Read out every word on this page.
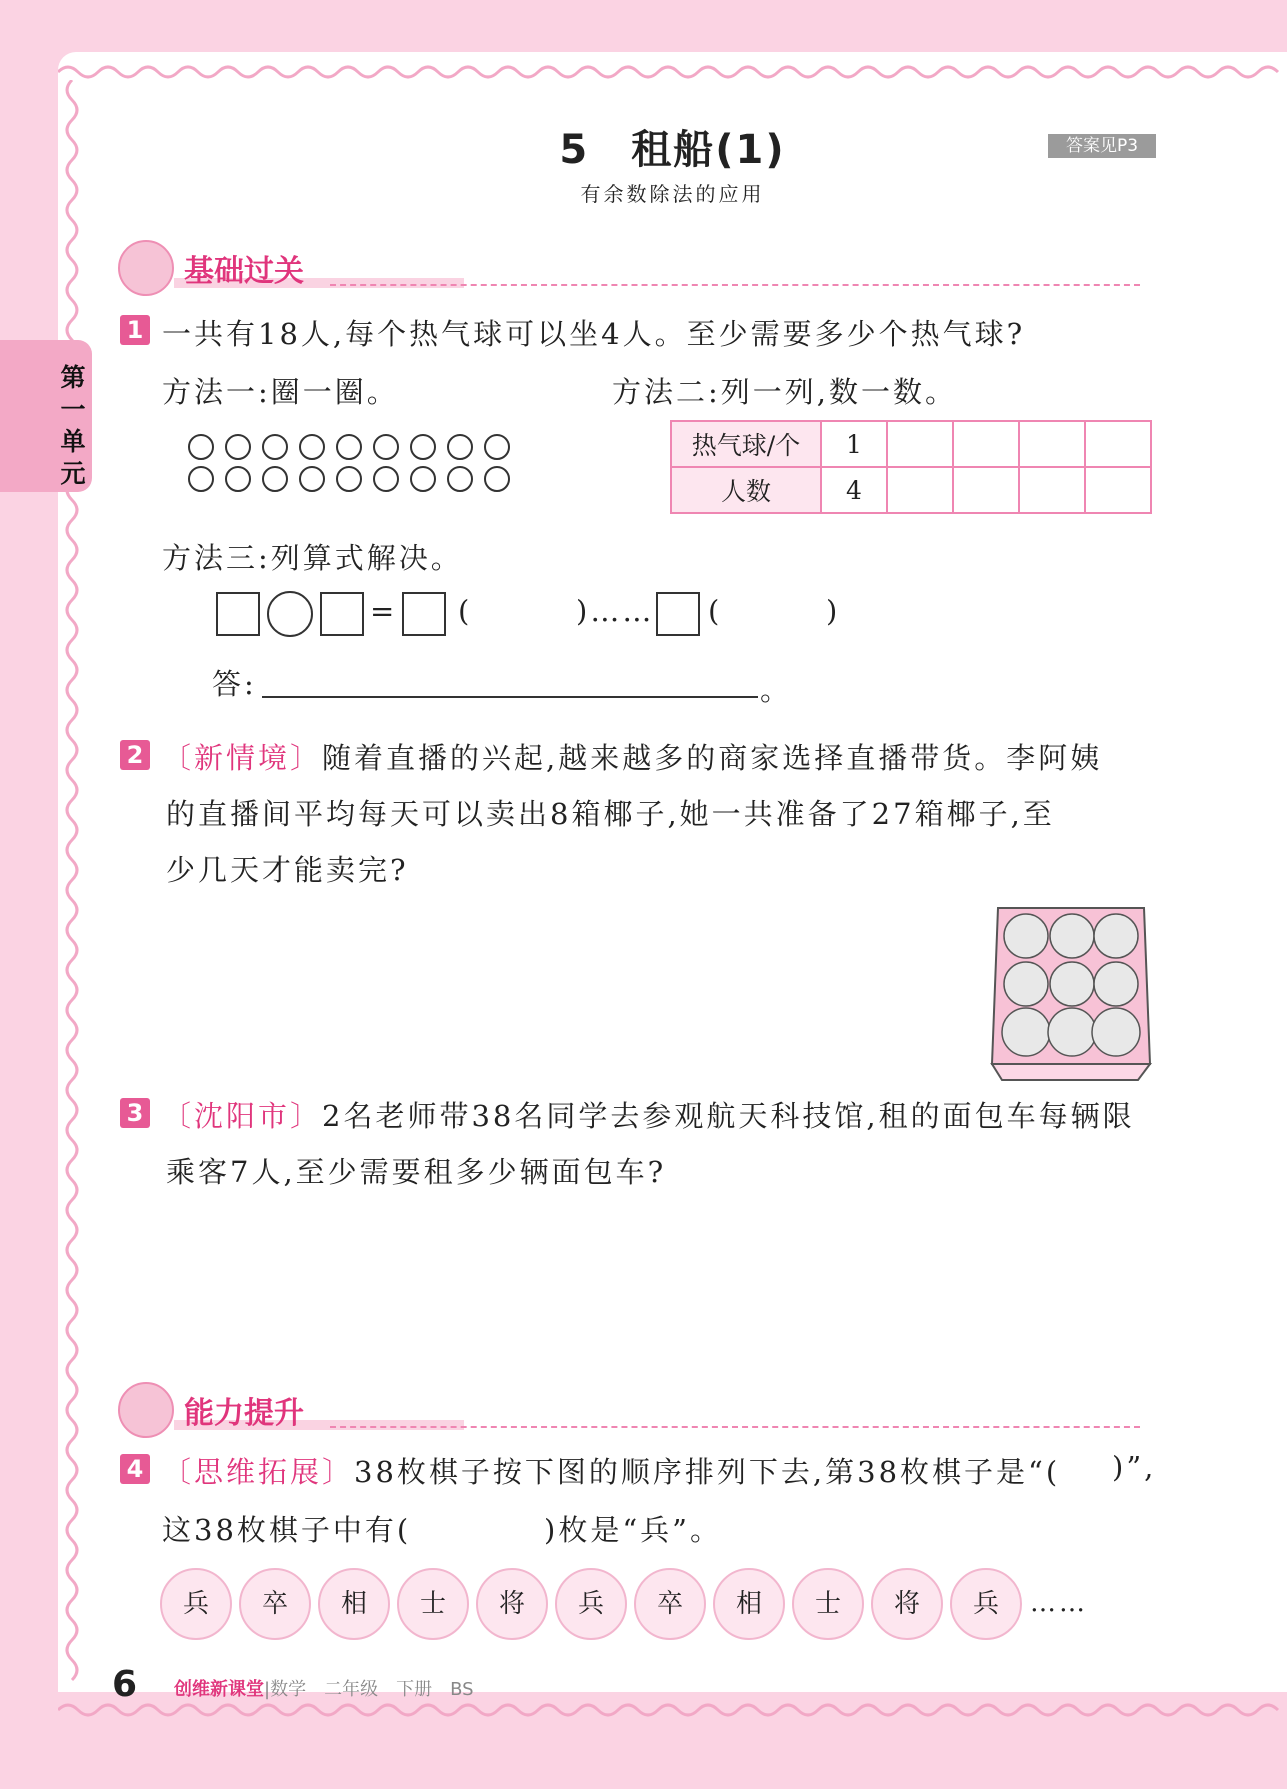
第一单元
5　租船(1)
有余数除法的应用
答案见P3
基础过关
1 一共有18人,每个热气球可以坐4人。至少需要多少个热气球?
方法一:圈一圈。	方法二:列一列,数一数。
热气球/个	1				
人数	4				
方法三:列算式解决。
= (	)…… (	)
答:	。
2 〔新情境〕随着直播的兴起,越来越多的商家选择直播带货。李阿姨
的直播间平均每天可以卖出8箱椰子,她一共准备了27箱椰子,至
少几天才能卖完?
3 〔沈阳市〕2名老师带38名同学去参观航天科技馆,租的面包车每辆限
乘客7人,至少需要租多少辆面包车?
能力提升
4 〔思维拓展〕38枚棋子按下图的顺序排列下去,第38枚棋子是“( )”,
这38枚棋子中有(	)枚是“兵”。
兵	卒	相	士	将	兵	卒	相	士	将	兵	……
6 创维新课堂|数学　二年级　下册　BS
